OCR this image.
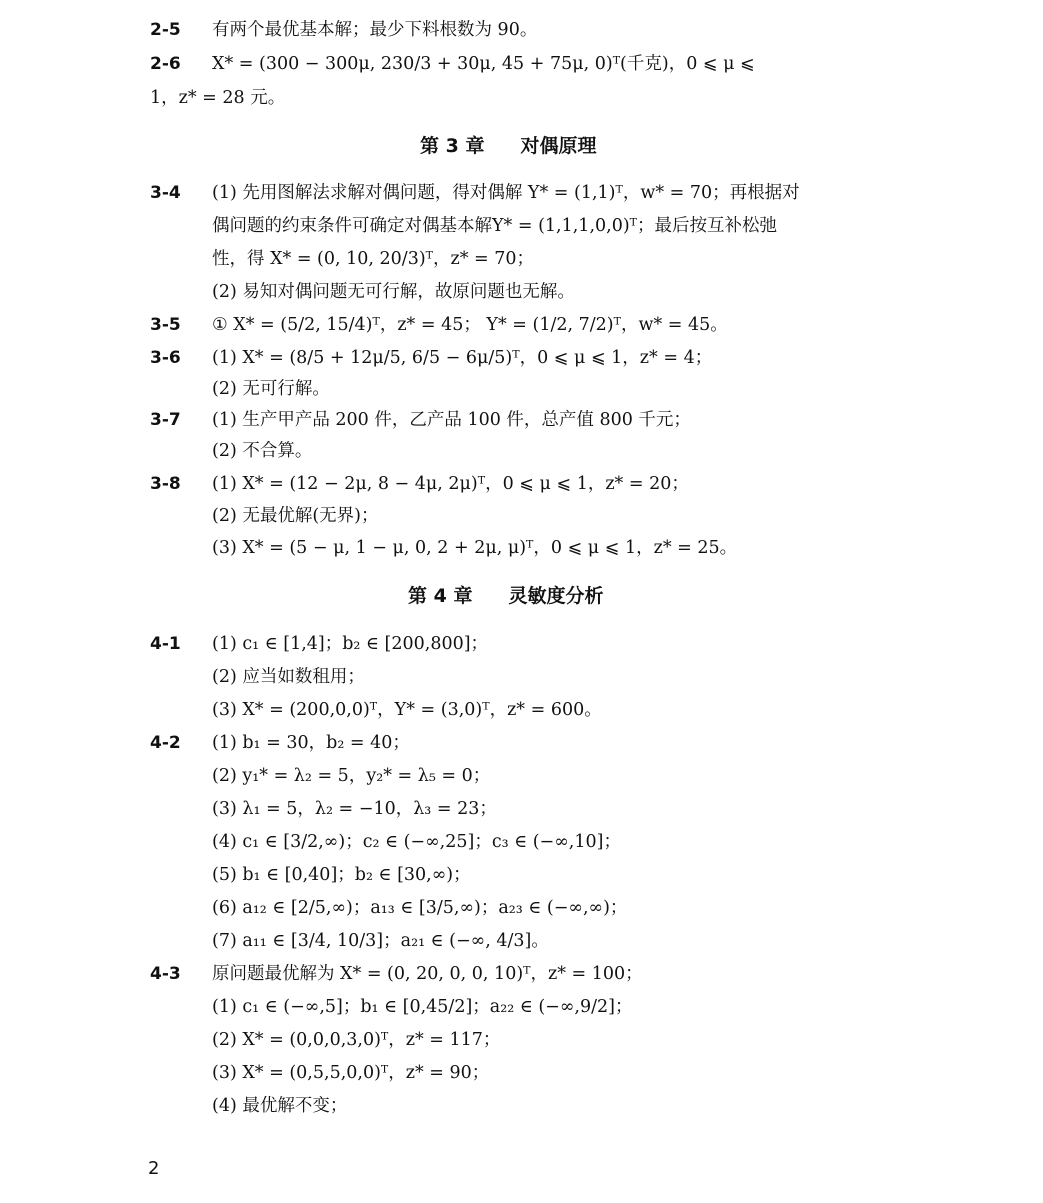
2-5 有两个最优基本解；最少下料根数为 90。
2-6 X* = (300 − 300μ, 230/3 + 30μ, 45 + 75μ, 0)ᵀ(千克)，0 ⩽ μ ⩽
1，z* = 28 元。
第 3 章 对偶原理
3-4 (1) 先用图解法求解对偶问题，得对偶解 Y* = (1,1)ᵀ，w* = 70；再根据对
偶问题的约束条件可确定对偶基本解Y* = (1,1,1,0,0)ᵀ；最后按互补松弛
性，得 X* = (0, 10, 20/3)ᵀ，z* = 70；
(2) 易知对偶问题无可行解，故原问题也无解。
3-5 ① X* = (5/2, 15/4)ᵀ，z* = 45； Y* = (1/2, 7/2)ᵀ，w* = 45。
3-6 (1) X* = (8/5 + 12μ/5, 6/5 − 6μ/5)ᵀ，0 ⩽ μ ⩽ 1，z* = 4；
(2) 无可行解。
3-7 (1) 生产甲产品 200 件，乙产品 100 件，总产值 800 千元；
(2) 不合算。
3-8 (1) X* = (12 − 2μ, 8 − 4μ, 2μ)ᵀ，0 ⩽ μ ⩽ 1，z* = 20；
(2) 无最优解(无界)；
(3) X* = (5 − μ, 1 − μ, 0, 2 + 2μ, μ)ᵀ，0 ⩽ μ ⩽ 1，z* = 25。
第 4 章 灵敏度分析
4-1 (1) c₁ ∈ [1,4]；b₂ ∈ [200,800]；
(2) 应当如数租用；
(3) X* = (200,0,0)ᵀ，Y* = (3,0)ᵀ，z* = 600。
4-2 (1) b₁ = 30，b₂ = 40；
(2) y₁* = λ₂ = 5，y₂* = λ₅ = 0；
(3) λ₁ = 5，λ₂ = −10，λ₃ = 23；
(4) c₁ ∈ [3/2,∞)；c₂ ∈ (−∞,25]；c₃ ∈ (−∞,10]；
(5) b₁ ∈ [0,40]；b₂ ∈ [30,∞)；
(6) a₁₂ ∈ [2/5,∞)；a₁₃ ∈ [3/5,∞)；a₂₃ ∈ (−∞,∞)；
(7) a₁₁ ∈ [3/4, 10/3]；a₂₁ ∈ (−∞, 4/3]。
4-3 原问题最优解为 X* = (0, 20, 0, 0, 10)ᵀ，z* = 100；
(1) c₁ ∈ (−∞,5]；b₁ ∈ [0,45/2]；a₂₂ ∈ (−∞,9/2]；
(2) X* = (0,0,0,3,0)ᵀ，z* = 117；
(3) X* = (0,5,5,0,0)ᵀ，z* = 90；
(4) 最优解不变；
2
